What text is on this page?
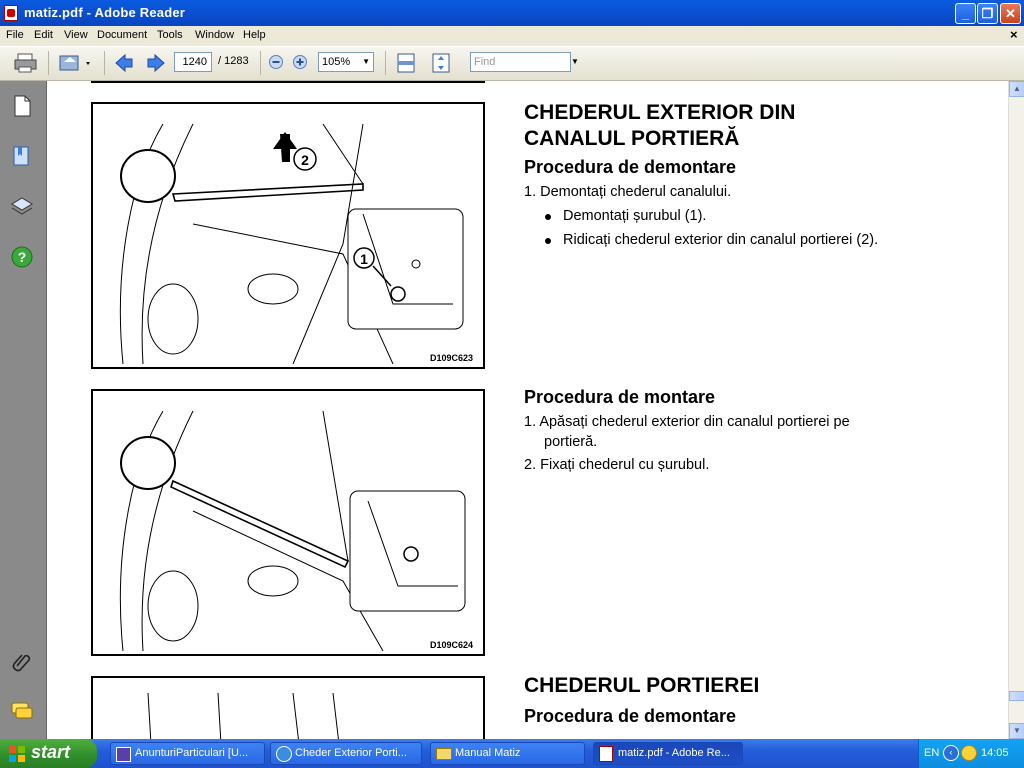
matiz.pdf - Adobe Reader	_ ❐ ✕
File Edit View Document Tools Window Help	×
1240	/ 1283	105% ▼	Find	▼
?
2
1
D109C623
CHEDERUL EXTERIOR DIN
CANALUL PORTIERĂ
Procedura de demontare
1. Demontați chederul canalului.
Demontați șurubul (1).
Ridicați chederul exterior din canalul portierei (2).
D109C624
Procedura de montare
1. Apăsați chederul exterior din canalul portierei pe
portieră.
2. Fixați chederul cu șurubul.
CHEDERUL PORTIEREI
Procedura de demontare
▲
▼
start	AnunturiParticulari [U...	Cheder Exterior Porti...	Manual Matiz	matiz.pdf - Adobe Re...	EN	‹	14:05
